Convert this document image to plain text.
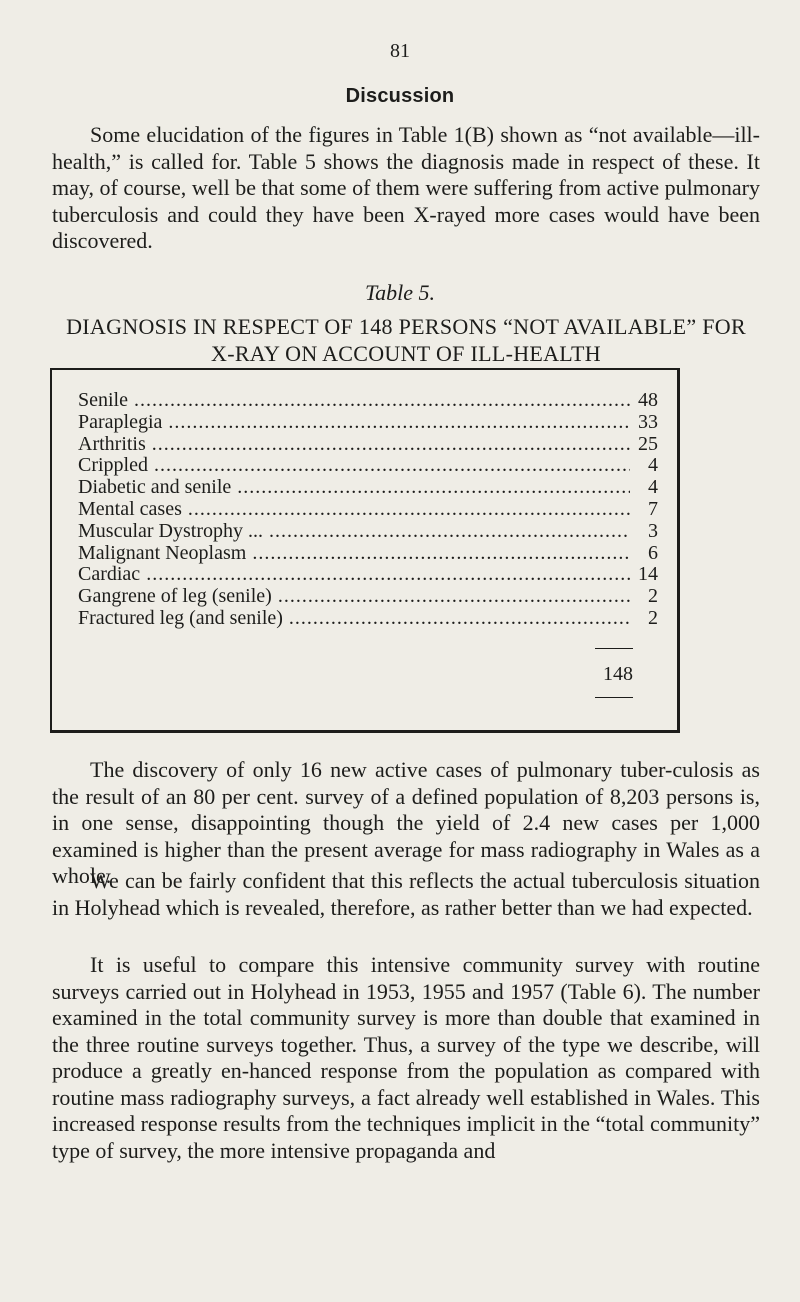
81
Discussion

Some elucidation of the figures in Table 1(B) shown as “not available—ill-health,” is called for. Table 5 shows the diagnosis made in respect of these. It may, of course, well be that some of them were suffering from active pulmonary tuberculosis and could they have been X-rayed more cases would have been discovered.

Table 5.
DIAGNOSIS IN RESPECT OF 148 PERSONS “NOT AVAILABLE” FOR X-RAY ON ACCOUNT OF ILL-HEALTH
Senile .....	48
Paraplegia .....	33
Arthritis .....	25
Crippled .....	4
Diabetic and senile .....	4
Mental cases .....	7
Muscular Dystrophy ... .....	3
Malignant Neoplasm .....	6
Cardiac .....	14
Gangrene of leg (senile) .....	2
Fractured leg (and senile) .....	2
148

The discovery of only 16 new active cases of pulmonary tuber-culosis as the result of an 80 per cent. survey of a defined population of 8,203 persons is, in one sense, disappointing though the yield of 2.4 new cases per 1,000 examined is higher than the present average for mass radiography in Wales as a whole.

We can be fairly confident that this reflects the actual tuberculosis situation in Holyhead which is revealed, therefore, as rather better than we had expected.

It is useful to compare this intensive community survey with routine surveys carried out in Holyhead in 1953, 1955 and 1957 (Table 6). The number examined in the total community survey is more than double that examined in the three routine surveys together. Thus, a survey of the type we describe, will produce a greatly en-hanced response from the population as compared with routine mass radiography surveys, a fact already well established in Wales. This increased response results from the techniques implicit in the “total community” type of survey, the more intensive propaganda and
